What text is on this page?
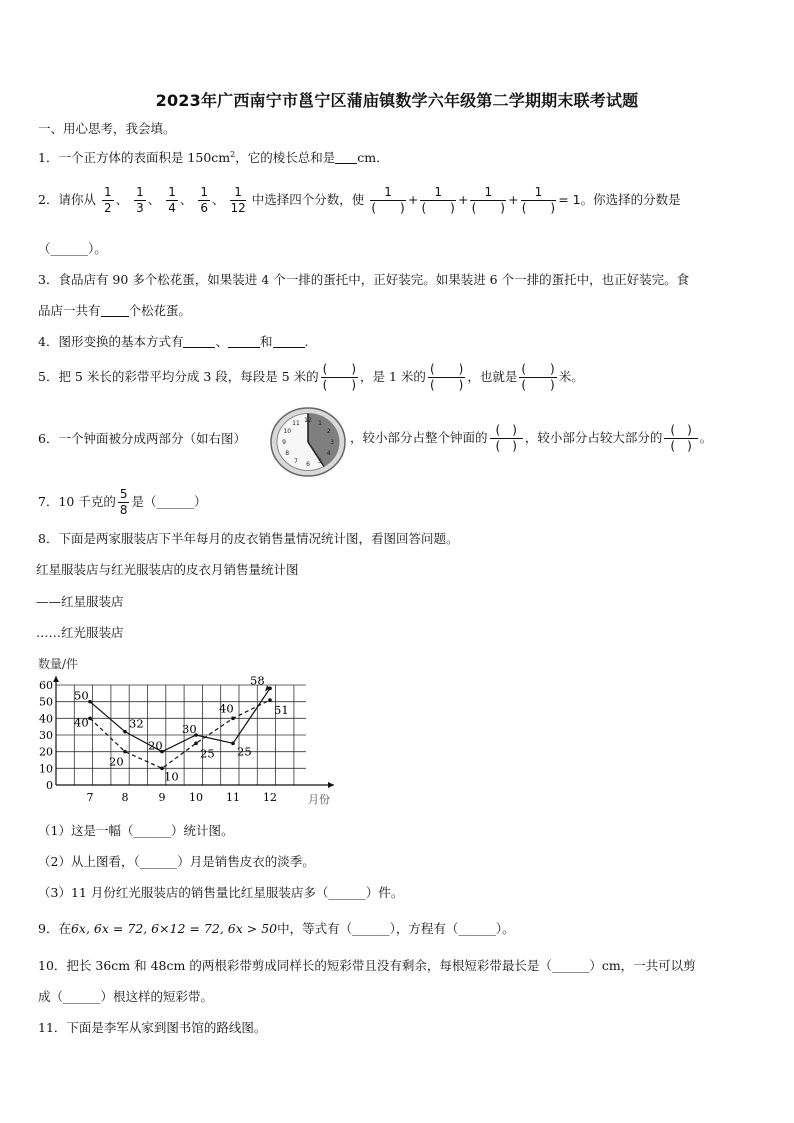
2023年广西南宁市邕宁区蒲庙镇数学六年级第二学期期末联考试题
一、用心思考，我会填。
1．一个正方体的表面积是 $150cm^2$，它的棱长总和是 cm．
2．请你从 $\frac{1}{2}$ 、 $\frac{1}{3}$ 、 $\frac{1}{4}$ 、 $\frac{1}{6}$ 、 $\frac{1}{12}$ 中选择四个分数，使 $\frac{1}{( )} + \frac{1}{( )} + \frac{1}{( )} + \frac{1}{( )} = 1$。你选择的分数是
（______）。
3．食品店有 90 多个松花蛋，如果装进 4 个一排的蛋托中，正好装完。如果装进 6 个一排的蛋托中，也正好装完。食
品店一共有 个松花蛋。
4．图形变换的基本方式有	、	和	.
5．把 5 米长的彩带平均分成 3 段，每段是 5 米的 $\frac{( )}{( )}$ ，是 1 米的 $\frac{( )}{( )}$ ，也就是 $\frac{( )}{( )}$ 米。
6．一个钟面被分成两部分（如右图）
12 1
2
3
4
5
6
7
8
9
10
11
，较小部分占整个钟面的 $\frac{( )}{( )}$ ，较小部分占较大部分的 $\frac{( )}{( )}$ 。
7．10 千克的 $\frac{5}{8}$ 是（______）
8．下面是两家服装店下半年每月的皮衣销售量情况统计图，看图回答问题。
红星服装店与红光服装店的皮衣月销售量统计图
——红星服装店
……红光服装店
数量/件
0
10
20
30
40
50
60
7	8	9 10 11 12	月份
50
32
20
30
25
58
40
20
10
25
40	51
（1）这是一幅（______）统计图。
（2）从上图看，（______）月是销售皮衣的淡季。
（3）11 月份红光服装店的销售量比红星服装店多（______）件。
9．在6x, 6x = 72, 6×12 = 72, 6x > 50中，等式有（______），方程有（______）。
10．把长 36cm 和 48cm 的两根彩带剪成同样长的短彩带且没有剩余，每根短彩带最长是（______）cm，一共可以剪
成（______）根这样的短彩带。
11．下面是李军从家到图书馆的路线图。
